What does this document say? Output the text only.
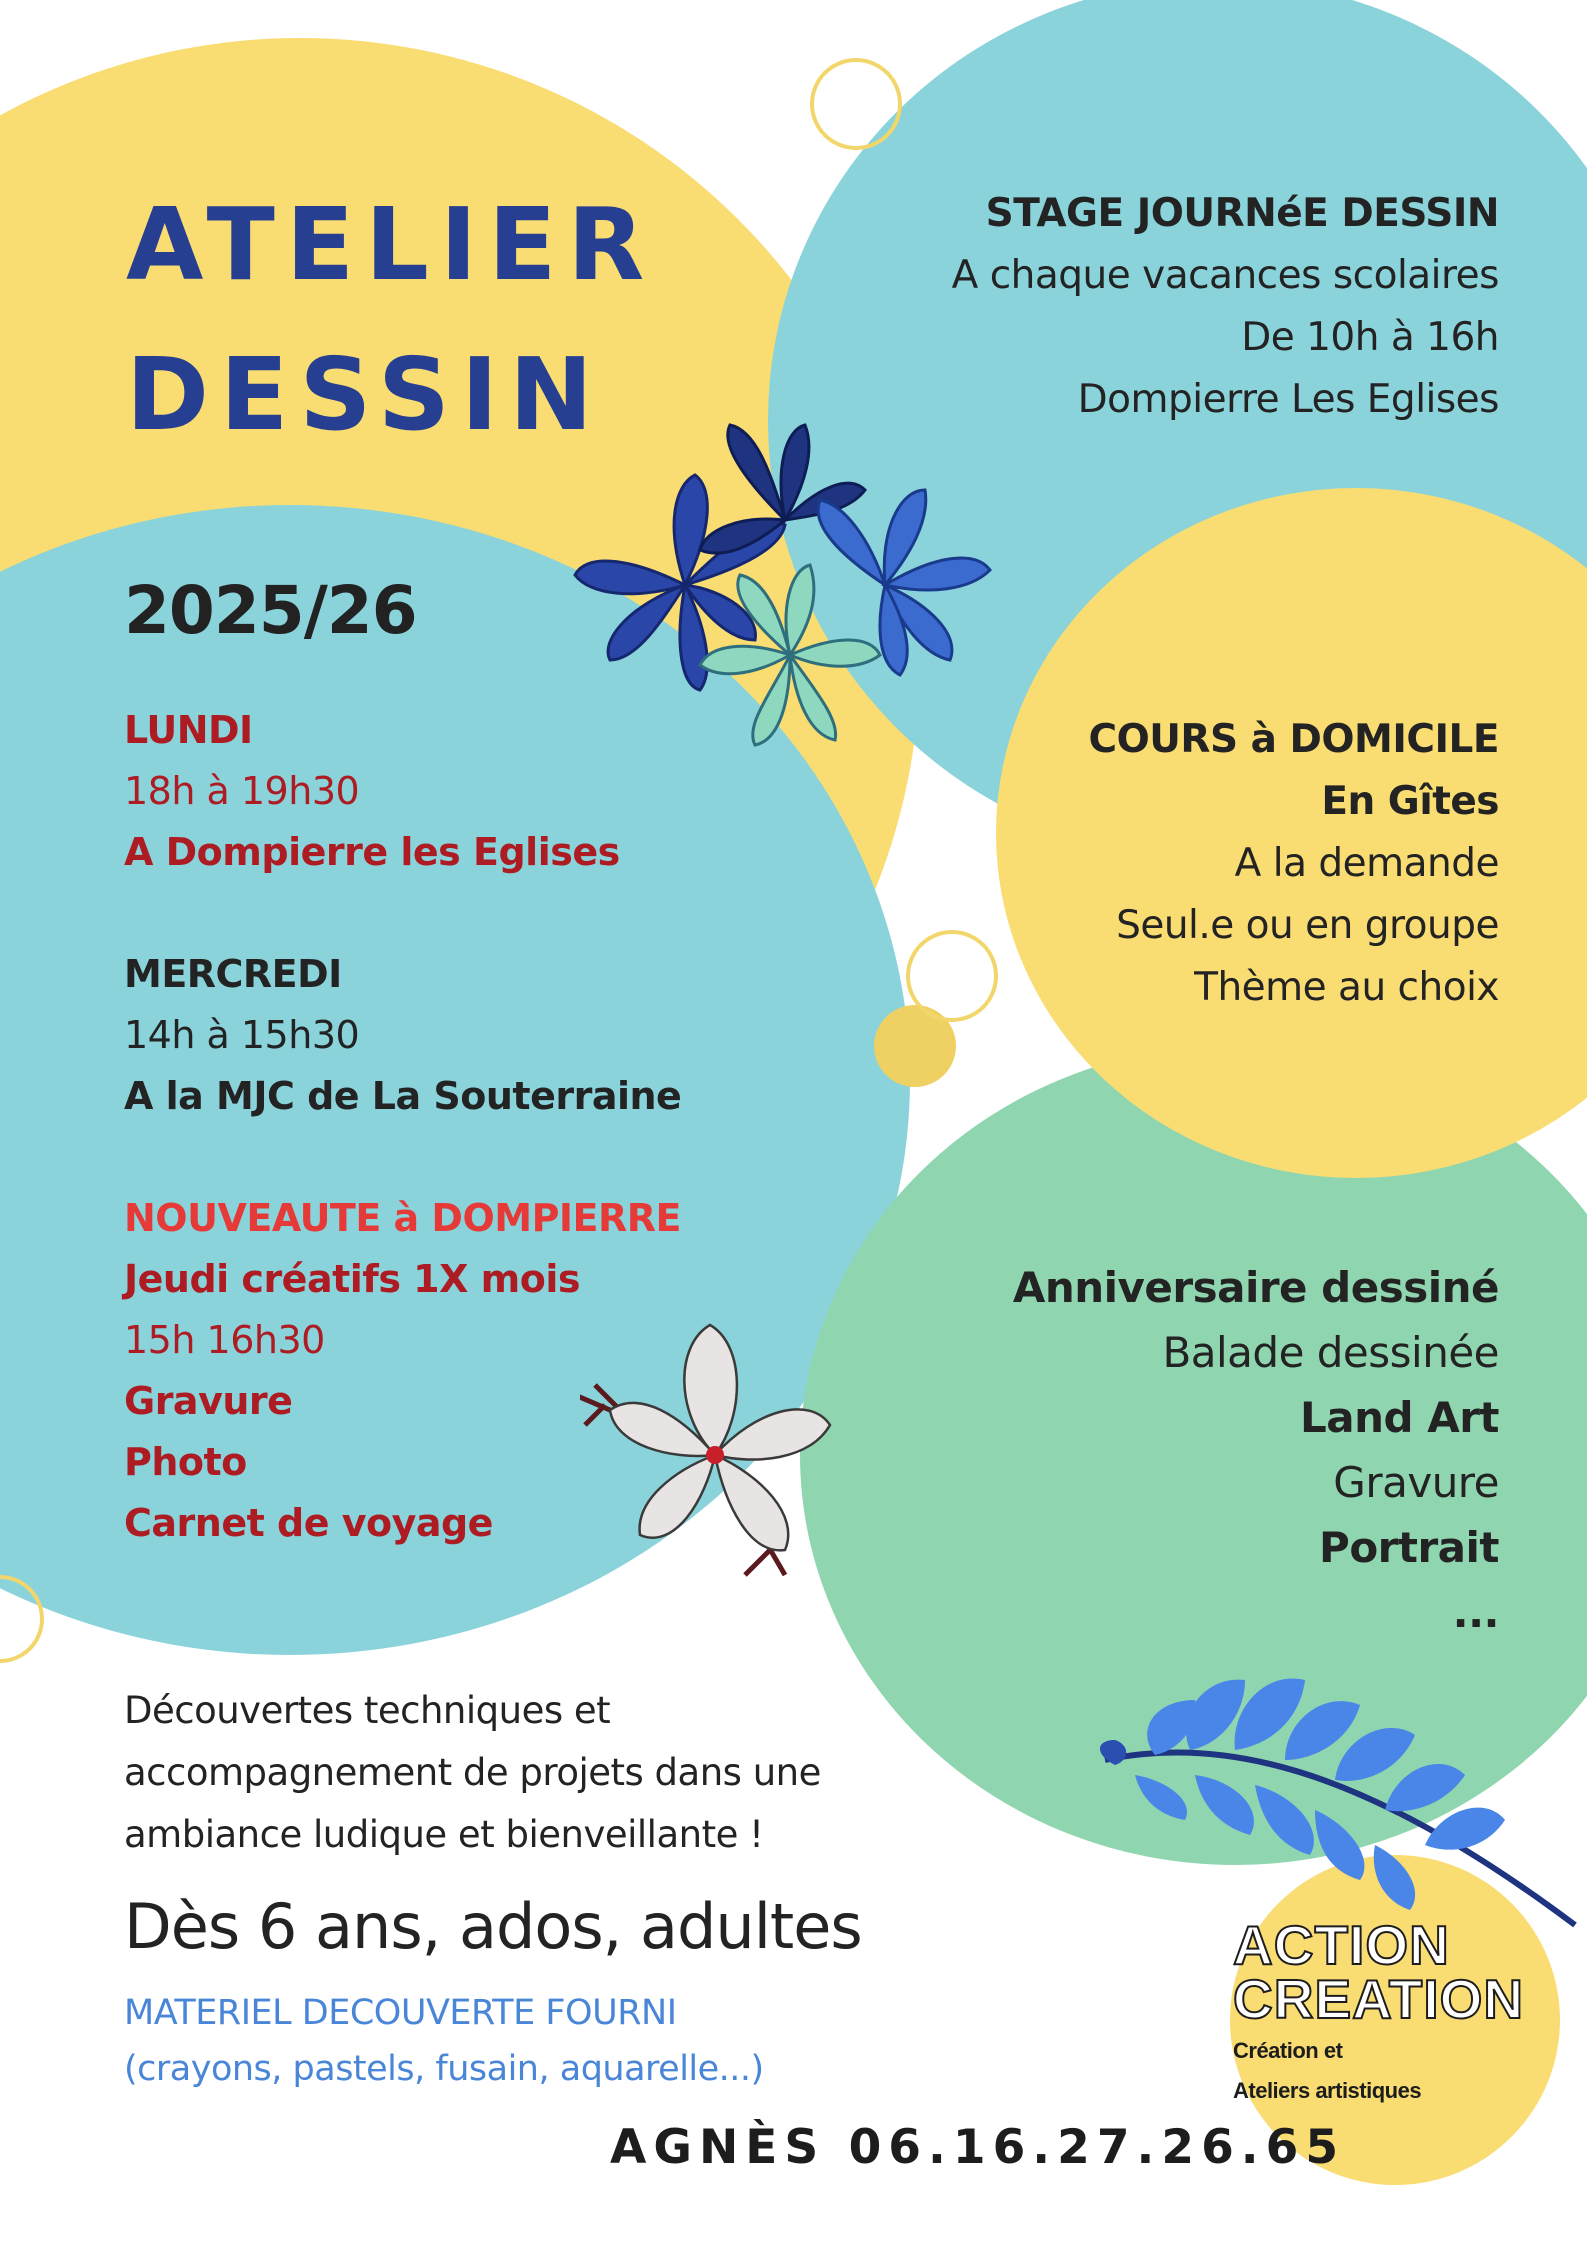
ATELIER
DESSIN
2025/26
LUNDI
18h à 19h30
A Dompierre les Eglises
MERCREDI
14h à 15h30
A la MJC de La Souterraine
NOUVEAUTE à DOMPIERRE
Jeudi créatifs 1X mois
15h 16h30
Gravure
Photo
Carnet de voyage
STAGE JOURNéE DESSIN
A chaque vacances scolaires
De 10h à 16h
Dompierre Les Eglises
COURS à DOMICILE
En Gîtes
A la demande
Seul.e ou en groupe
Thème au choix
Anniversaire dessiné
Balade dessinée
Land Art
Gravure
Portrait
...
Découvertes techniques et
accompagnement de projets dans une
ambiance ludique et bienveillante !
Dès 6 ans, ados, adultes
MATERIEL DECOUVERTE FOURNI
(crayons, pastels, fusain, aquarelle...)
AGNÈS 06.16.27.26.65
ACTION
CREATION
Création et
Ateliers artistiques
